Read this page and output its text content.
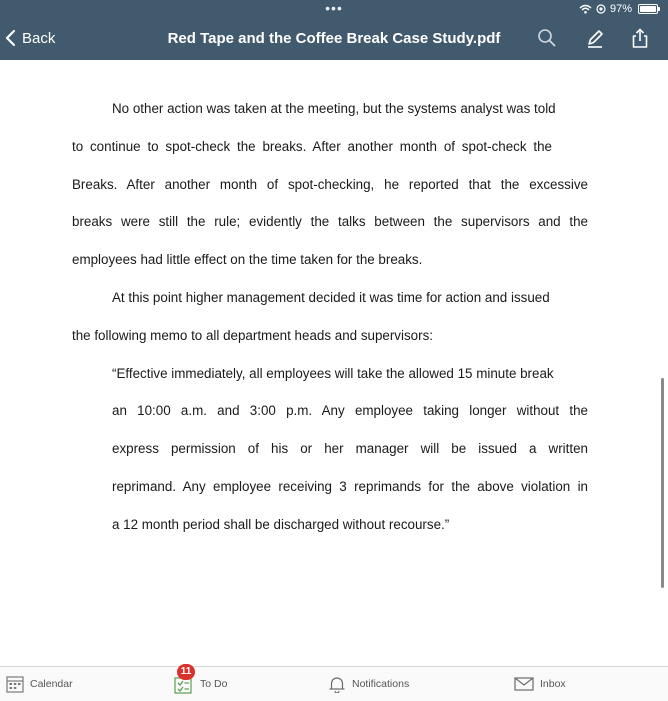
•••	97%
Back	Red Tape and the Coffee Break Case Study.pdf
No other action was taken at the meeting, but the systems analyst was told
to continue to spot-check the breaks. After another month of spot-check the
Breaks. After another month of spot-checking, he reported that the excessive
breaks were still the rule; evidently the talks between the supervisors and the
employees had little effect on the time taken for the breaks.
At this point higher management decided it was time for action and issued
the following memo to all department heads and supervisors:
“Effective immediately, all employees will take the allowed 15 minute break
an 10:00 a.m. and 3:00 p.m. Any employee taking longer without the
express permission of his or her manager will be issued a written
reprimand. Any employee receiving 3 reprimands for the above violation in
a 12 month period shall be discharged without recourse.”
Calendar
11
To Do	Notifications	Inbox
